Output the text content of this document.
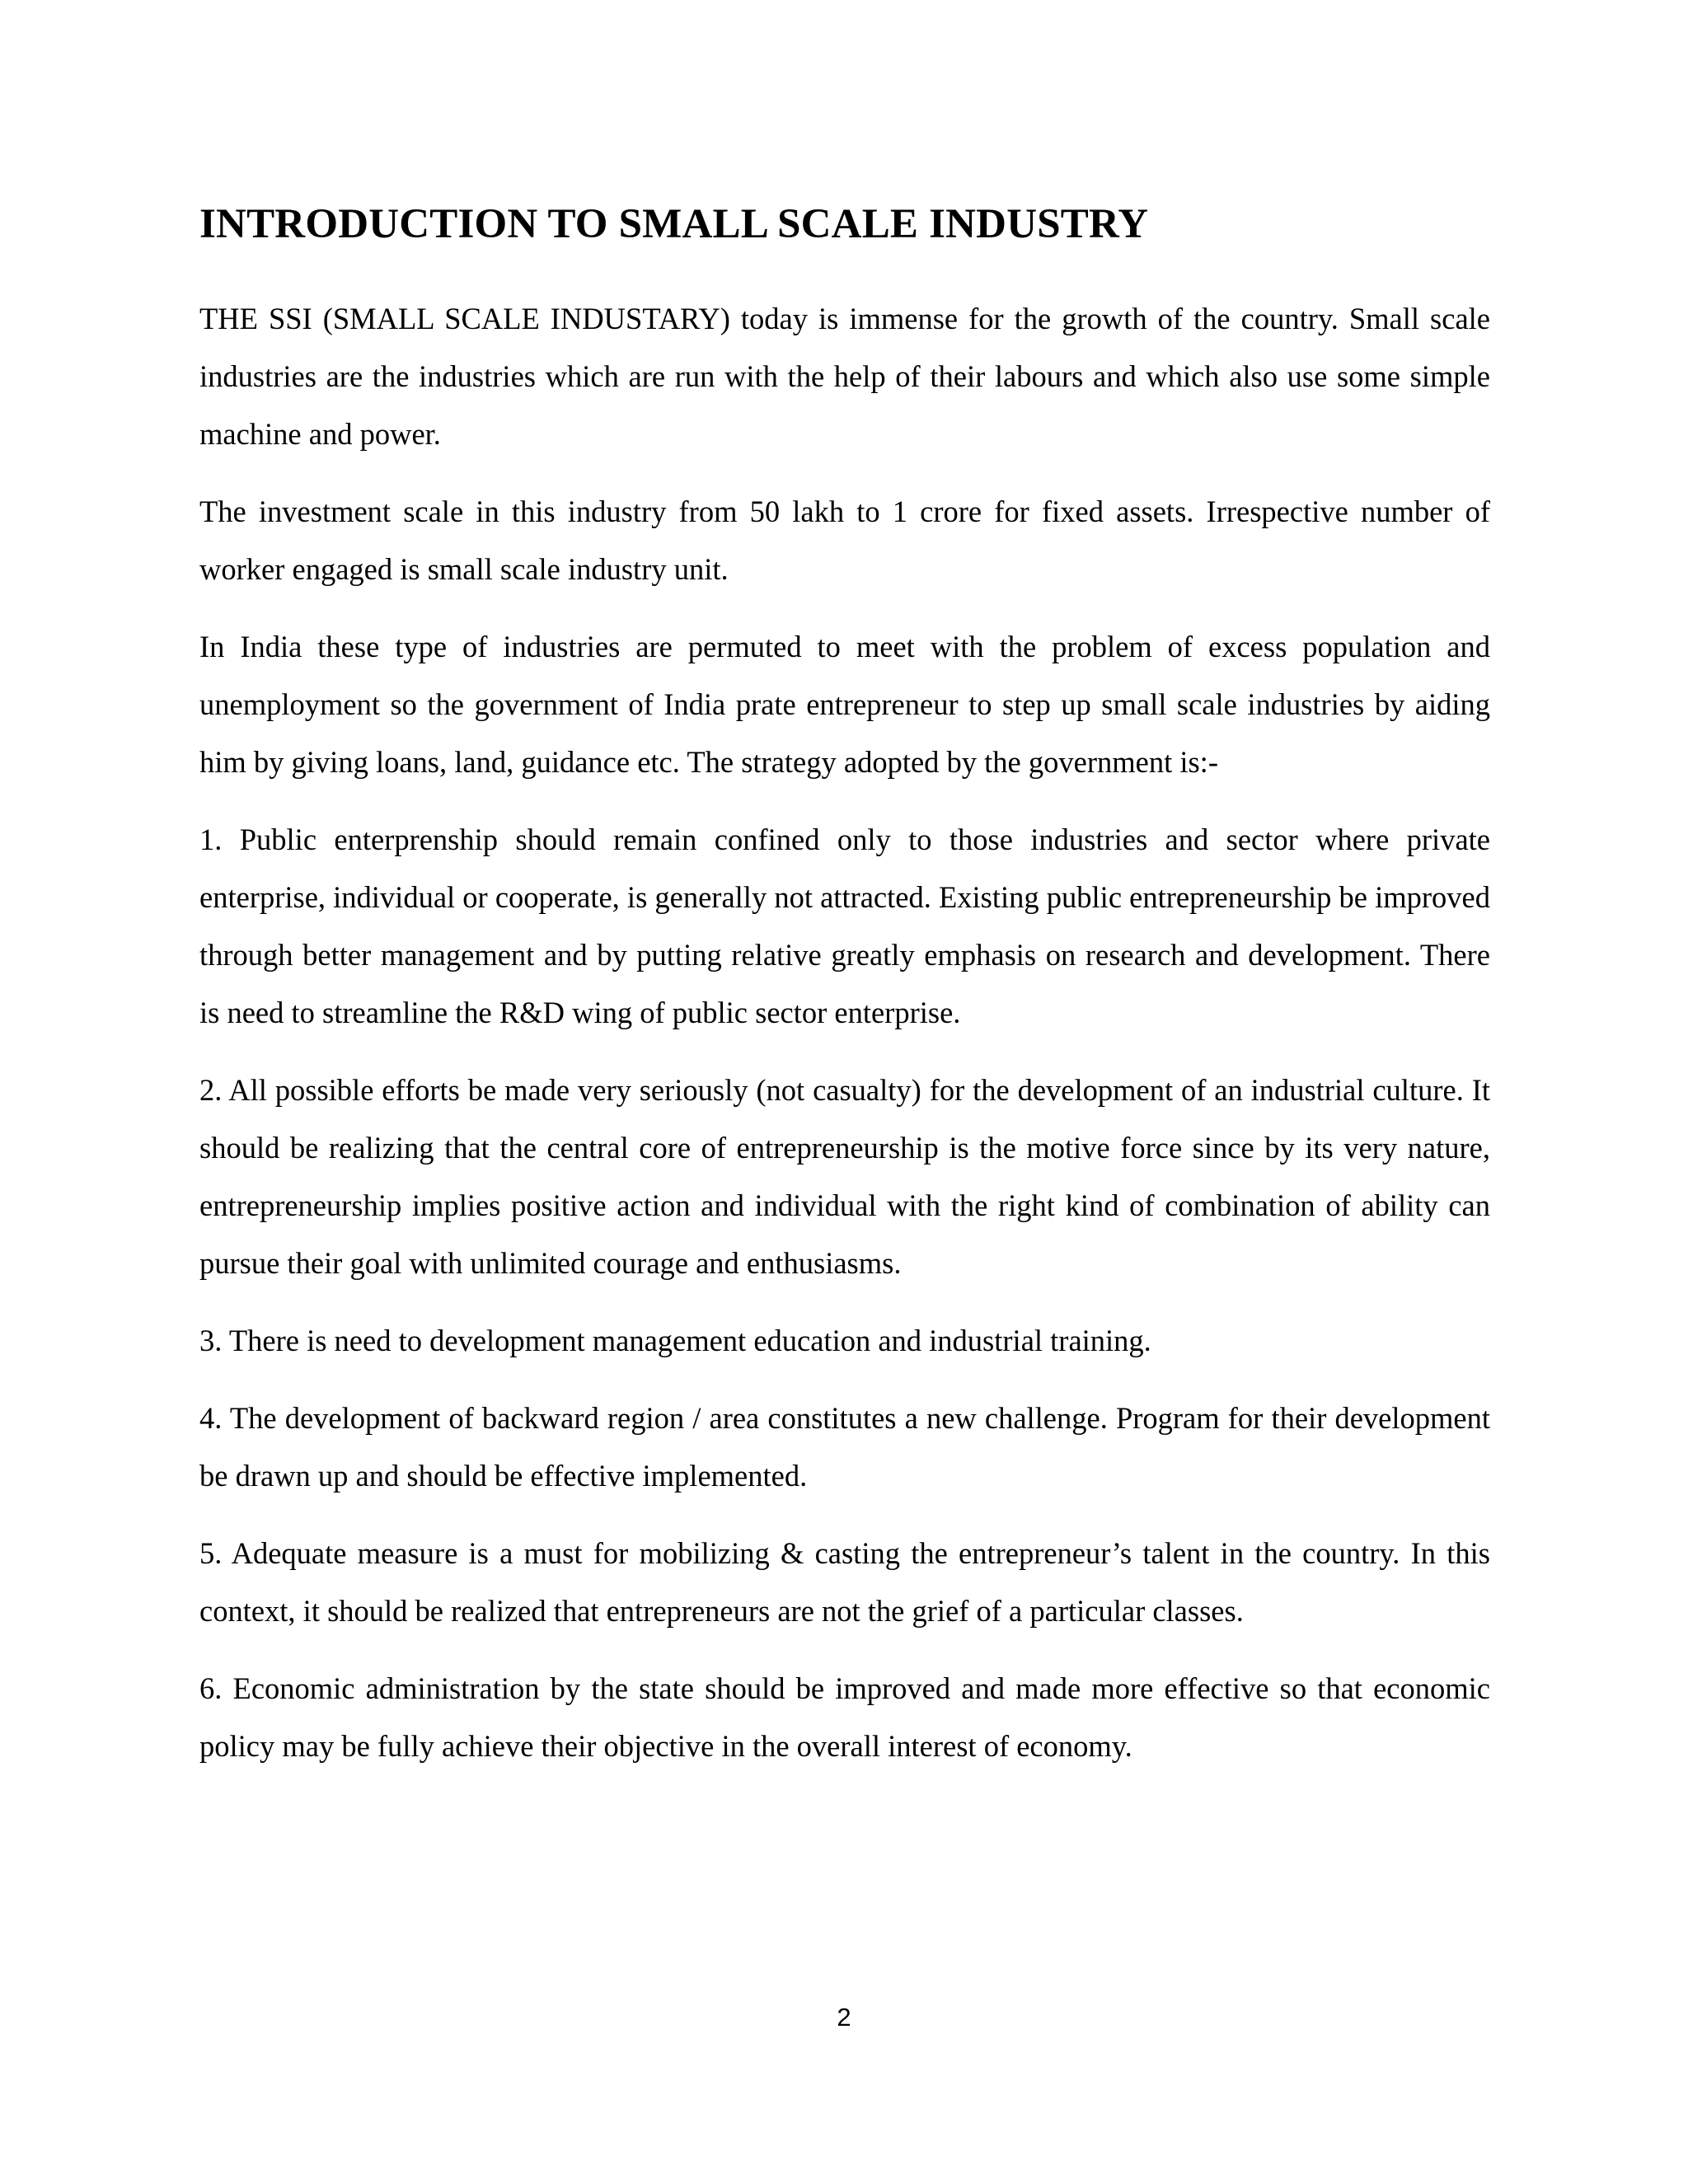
INTRODUCTION TO SMALL SCALE INDUSTRY

THE SSI (SMALL SCALE INDUSTARY) today is immense for the growth of the country. Small scale industries are the industries which are run with the help of their labours and which also use some simple machine and power.

The investment scale in this industry from 50 lakh to 1 crore for fixed assets. Irrespective number of worker engaged is small scale industry unit.

In India these type of industries are permuted to meet with the problem of excess population and unemployment so the government of India prate entrepreneur to step up small scale industries by aiding him by giving loans, land, guidance etc. The strategy adopted by the government is:-

1. Public enterprenship should remain confined only to those industries and sector where private enterprise, individual or cooperate, is generally not attracted. Existing public entrepreneurship be improved through better management and by putting relative greatly emphasis on research and development. There is need to streamline the R&D wing of public sector enterprise.

2. All possible efforts be made very seriously (not casualty) for the development of an industrial culture. It should be realizing that the central core of entrepreneurship is the motive force since by its very nature, entrepreneurship implies positive action and individual with the right kind of combination of ability can pursue their goal with unlimited courage and enthusiasms.

3. There is need to development management education and industrial training.

4. The development of backward region / area constitutes a new challenge. Program for their development be drawn up and should be effective implemented.

5. Adequate measure is a must for mobilizing & casting the entrepreneur’s talent in the country. In this context, it should be realized that entrepreneurs are not the grief of a particular classes.

6. Economic administration by the state should be improved and made more effective so that economic policy may be fully achieve their objective in the overall interest of economy.

2
